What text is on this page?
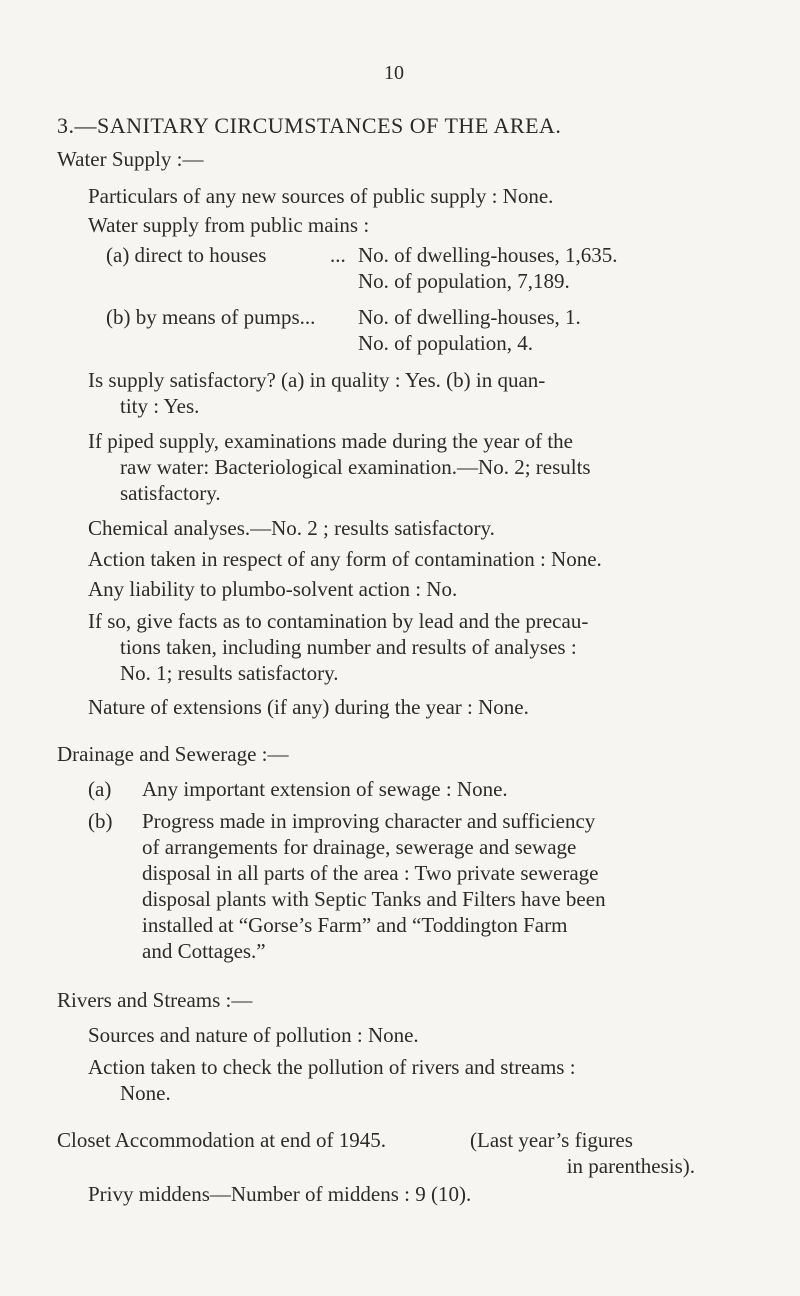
10
3.—SANITARY CIRCUMSTANCES OF THE AREA.
Water Supply :—
Particulars of any new sources of public supply : None.
Water supply from public mains :
(a) direct to houses	... No. of dwelling-houses, 1,635.
No. of population, 7,189.
(b) by means of pumps... No. of dwelling-houses, 1.
No. of population, 4.
Is supply satisfactory? (a) in quality : Yes. (b) in quan-
tity : Yes.
If piped supply, examinations made during the year of the
raw water: Bacteriological examination.—No. 2; results
satisfactory.
Chemical analyses.—No. 2 ; results satisfactory.
Action taken in respect of any form of contamination : None.
Any liability to plumbo-solvent action : No.
If so, give facts as to contamination by lead and the precau-
tions taken, including number and results of analyses :
No. 1; results satisfactory.
Nature of extensions (if any) during the year : None.
Drainage and Sewerage :—
(a) Any important extension of sewage : None.
(b) Progress made in improving character and sufficiency
of arrangements for drainage, sewerage and sewage
disposal in all parts of the area : Two private sewerage
disposal plants with Septic Tanks and Filters have been
installed at “Gorse’s Farm” and “Toddington Farm
and Cottages.”
Rivers and Streams :—
Sources and nature of pollution : None.
Action taken to check the pollution of rivers and streams :
None.
Closet Accommodation at end of 1945.	(Last year’s figures
in parenthesis).
Privy middens—Number of middens : 9 (10).
